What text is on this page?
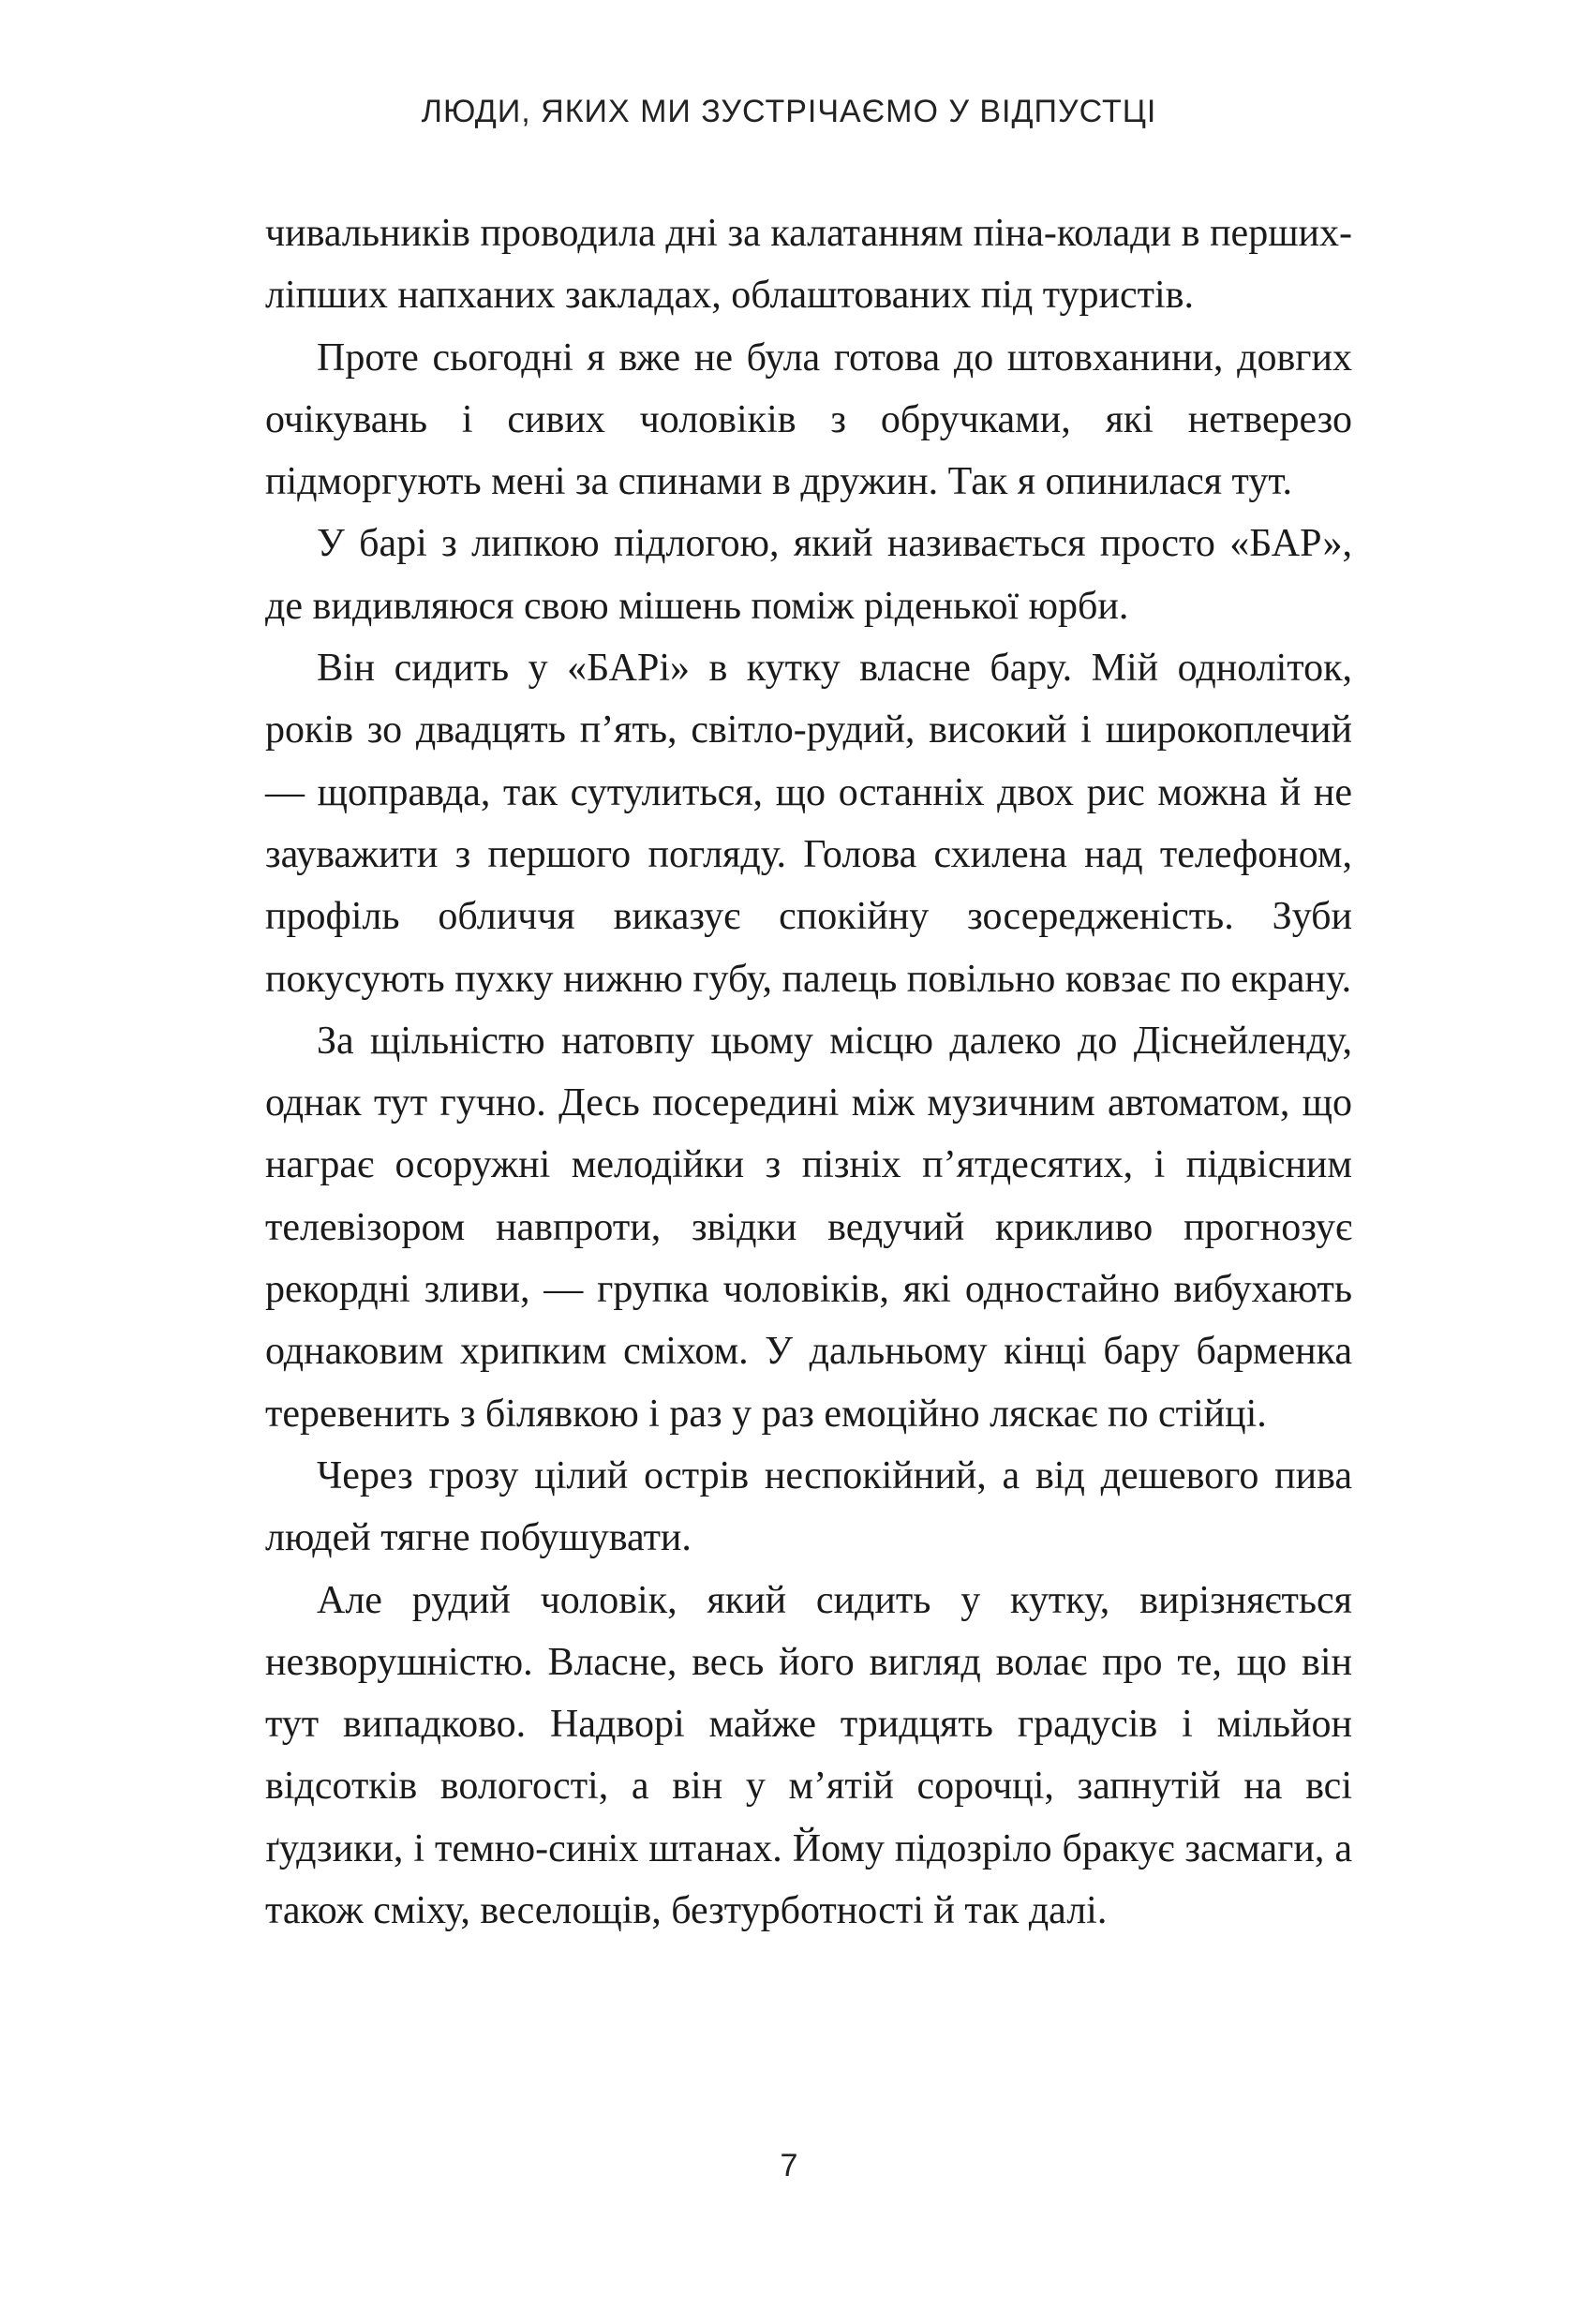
ЛЮДИ, ЯКИХ МИ ЗУСТРІЧАЄМО У ВІДПУСТЦІ

чивальників проводила дні за калатанням піна-колади в перших-ліпших напханих закладах, облаштованих під туристів.

Проте сьогодні я вже не була готова до штовханини, довгих очікувань і сивих чоловіків з обручками, які нетверезо підморгують мені за спинами в дружин. Так я опинилася тут.

У барі з липкою підлогою, який називається просто «БАР», де видивляюся свою мішень поміж ріденької юрби.

Він сидить у «БАРі» в кутку власне бару. Мій одноліток, років зо двадцять п’ять, світло-рудий, високий і широкоплечий — щоправда, так сутулиться, що останніх двох рис можна й не зауважити з першого погляду. Голова схилена над телефоном, профіль обличчя виказує спокійну зосередженість. Зуби покусують пухку нижню губу, палець повільно ковзає по екрану.

За щільністю натовпу цьому місцю далеко до Діснейленду, однак тут гучно. Десь посередині між музичним автоматом, що награє осоружні мелодійки з пізніх п’ятдесятих, і підвісним телевізором навпроти, звідки ведучий крикливо прогнозує рекордні зливи, — групка чоловіків, які одностайно вибухають однаковим хрипким сміхом. У дальньому кінці бару барменка теревенить з білявкою і раз у раз емоційно ляскає по стійці.

Через грозу цілий острів неспокійний, а від дешевого пива людей тягне побушувати.

Але рудий чоловік, який сидить у кутку, вирізняється незворушністю. Власне, весь його вигляд волає про те, що він тут випадково. Надворі майже тридцять градусів і мільйон відсотків вологості, а він у м’ятій сорочці, запнутій на всі ґудзики, і темно-синіх штанах. Йому підозріло бракує засмаги, а також сміху, веселощів, безтурботності й так далі.

7
